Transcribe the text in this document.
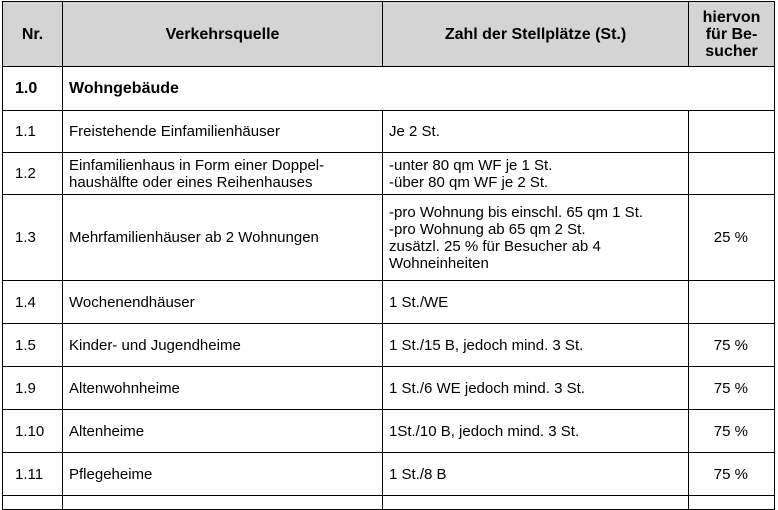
Nr.	Verkehrsquelle	Zahl der Stellplätze (St.)	hiervon
für Be-
sucher

1.0	Wohngebäude		
1.1	Freistehende Einfamilienhäuser	Je 2 St.	

1.2	Einfamilienhaus in Form einer Doppel-
haushälfte oder eines Reihenhauses	-unter 80 qm WF je 1 St.
-über 80 qm WF je 2 St.	

1.3	Mehrfamilienhäuser ab 2 Wohnungen	-pro Wohnung bis einschl. 65 qm 1 St.
-pro Wohnung ab 65 qm 2 St.
zusätzl. 25 % für Besucher ab 4
Wohneinheiten	25 %
1.4	Wochenendhäuser	1 St./WE	

1.5	Kinder- und Jugendheime	1 St./15 B, jedoch mind. 3 St.	75 %
1.9	Altenwohnheime	1 St./6 WE jedoch mind. 3 St.	75 %
1.10	Altenheime	1St./10 B, jedoch mind. 3 St.	75 %
1.11	Pflegeheime	1 St./8 B	75 %
